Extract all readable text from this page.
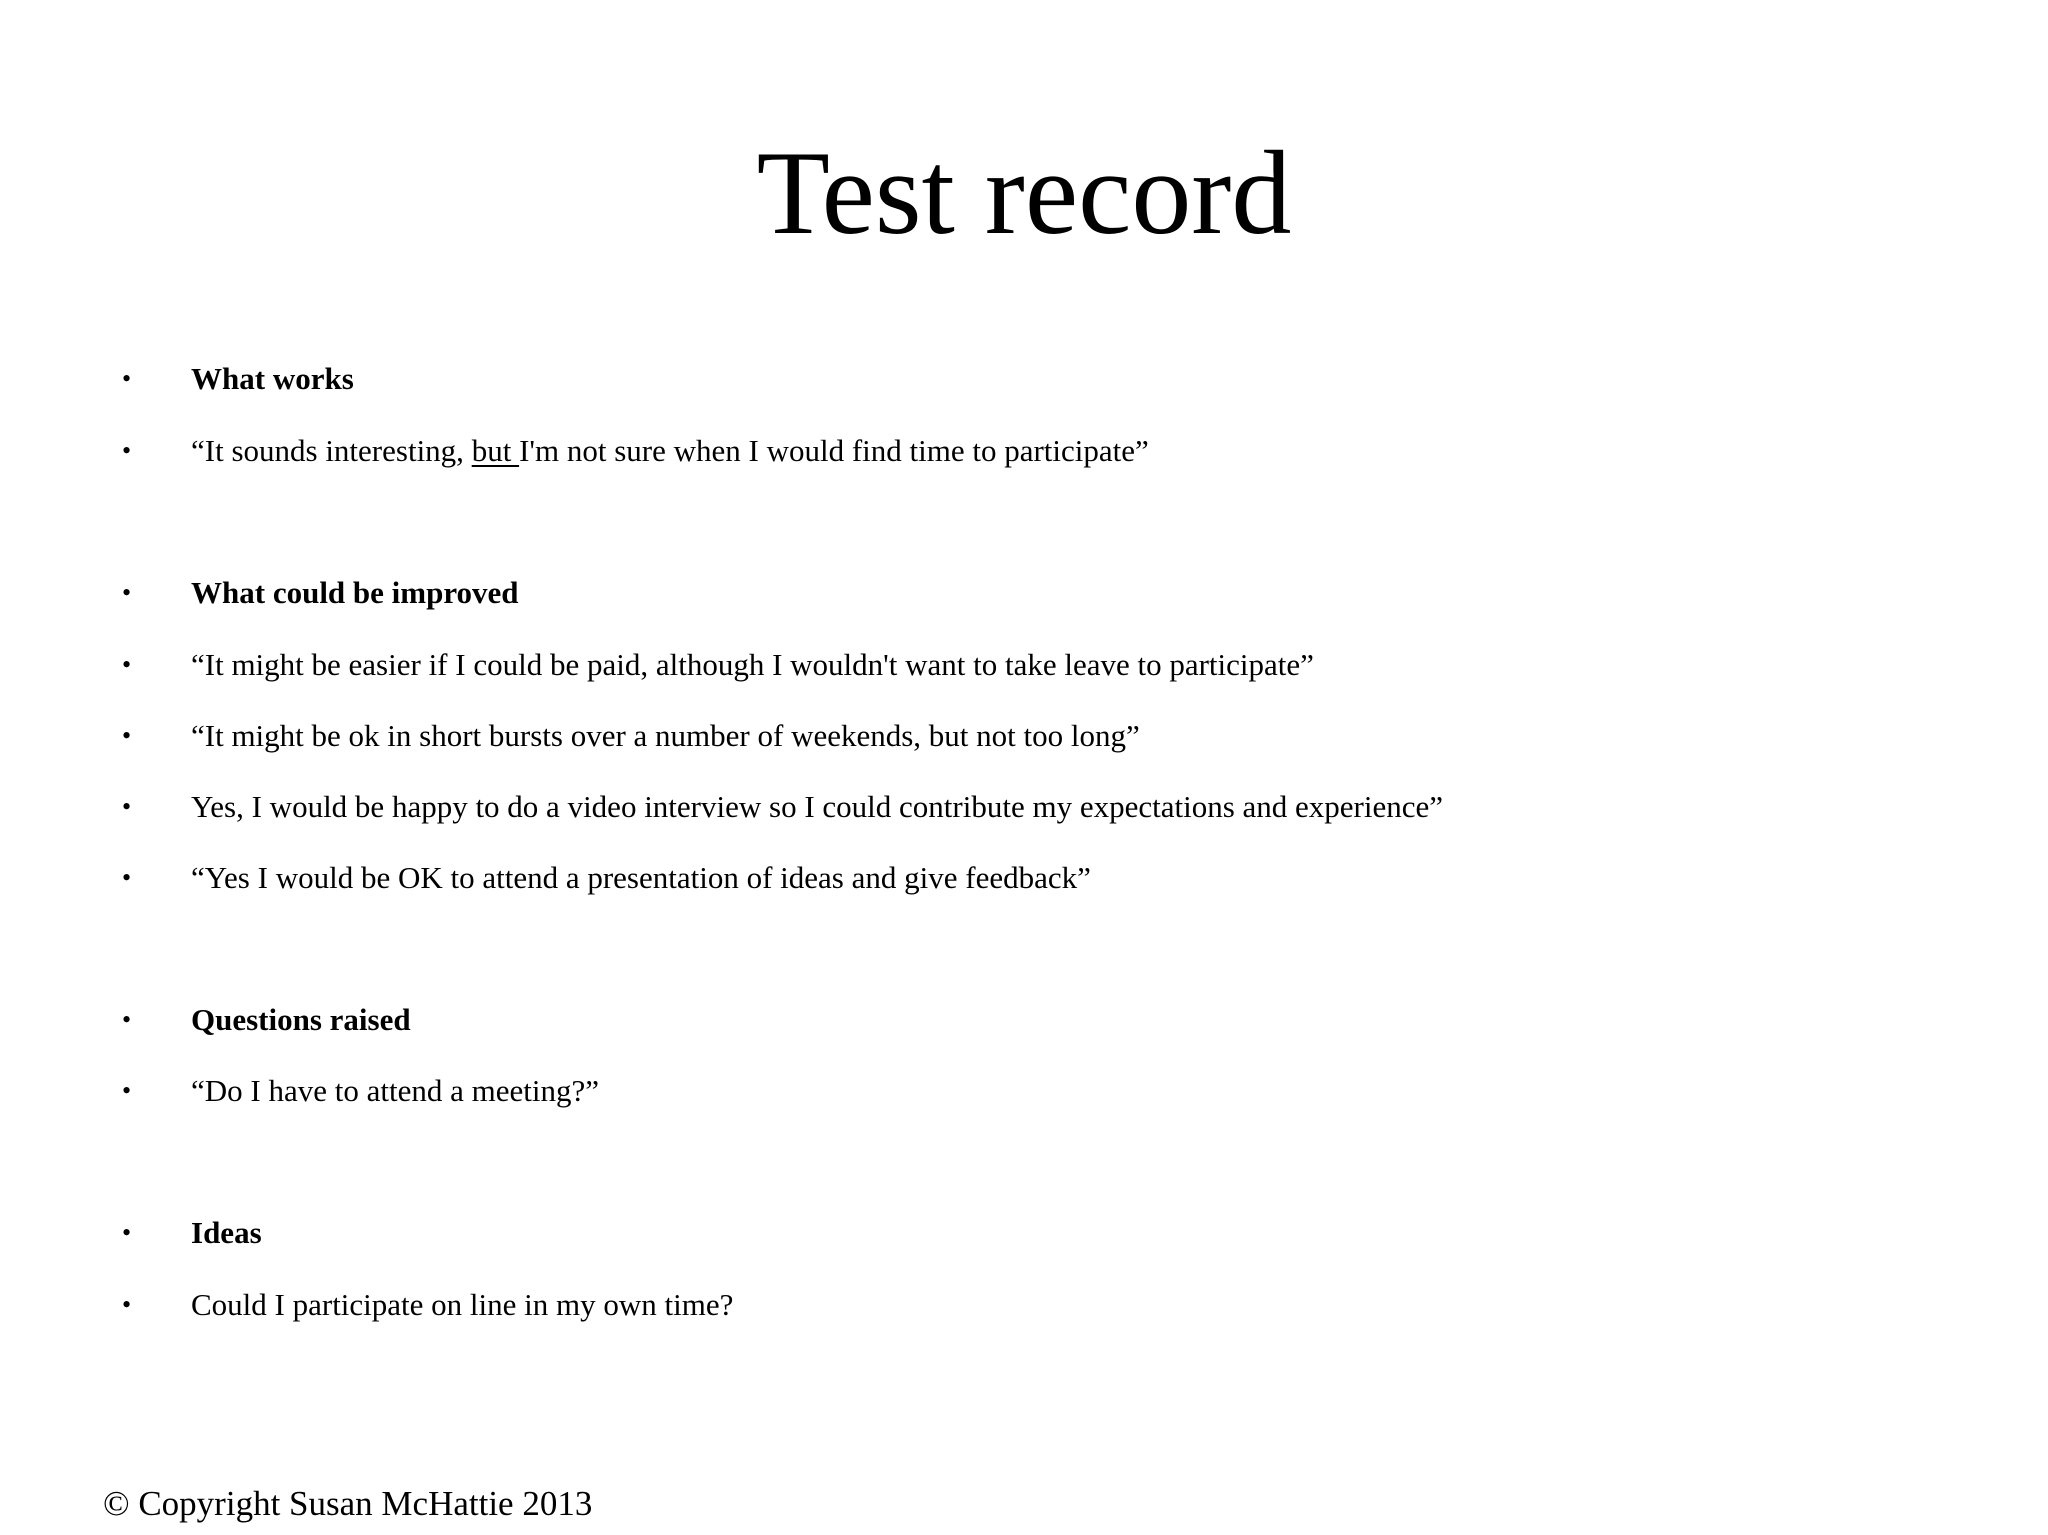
Test record
• What works
• “It sounds interesting, but I'm not sure when I would find time to participate”
• What could be improved
• “It might be easier if I could be paid, although I wouldn't want to take leave to participate”
• “It might be ok in short bursts over a number of weekends, but not too long”
• Yes, I would be happy to do a video interview so I could contribute my expectations and experience”
• “Yes I would be OK to attend a presentation of ideas and give feedback”
• Questions raised
• “Do I have to attend a meeting?”
• Ideas
• Could I participate on line in my own time?
© Copyright Susan McHattie 2013
